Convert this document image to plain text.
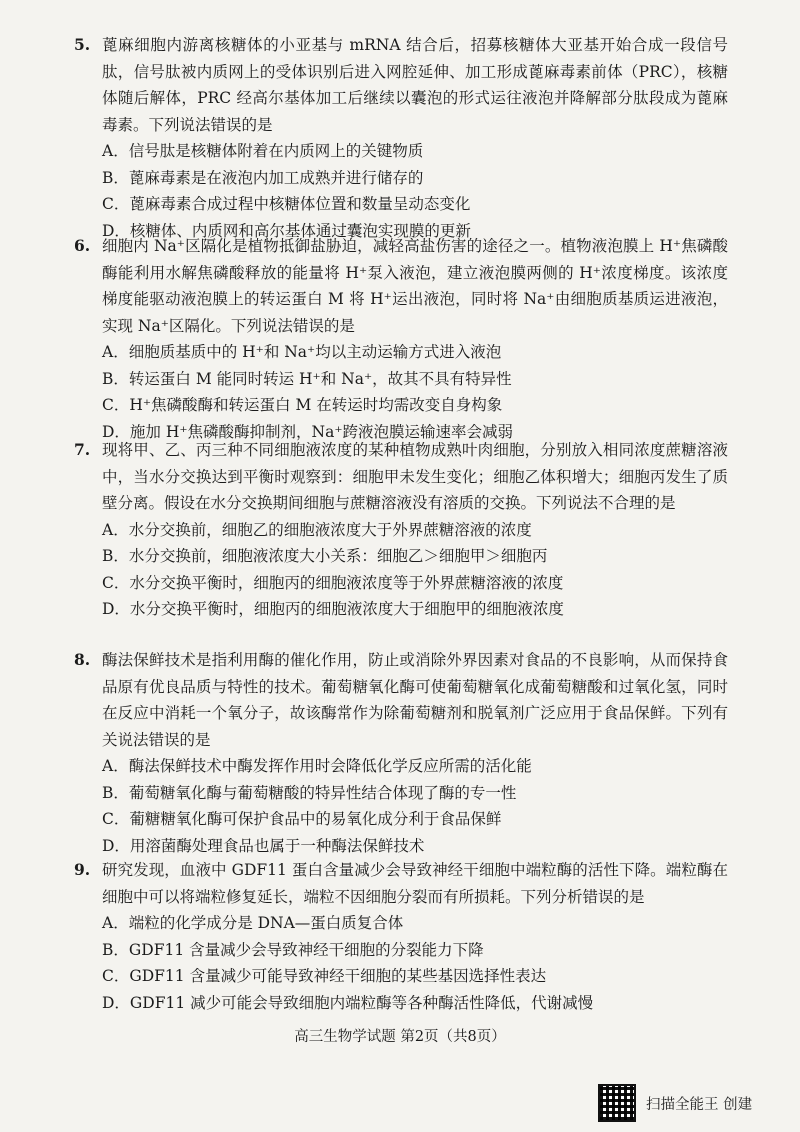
5. 蓖麻细胞内游离核糖体的小亚基与 mRNA 结合后，招募核糖体大亚基开始合成一段信号肽，信号肽被内质网上的受体识别后进入网腔延伸、加工形成蓖麻毒素前体（PRC），核糖体随后解体，PRC 经高尔基体加工后继续以囊泡的形式运往液泡并降解部分肽段成为蓖麻毒素。下列说法错误的是
A．信号肽是核糖体附着在内质网上的关键物质
B．蓖麻毒素是在液泡内加工成熟并进行储存的
C．蓖麻毒素合成过程中核糖体位置和数量呈动态变化
D．核糖体、内质网和高尔基体通过囊泡实现膜的更新
6. 细胞内 Na⁺区隔化是植物抵御盐胁迫，减轻高盐伤害的途径之一。植物液泡膜上 H⁺焦磷酸酶能利用水解焦磷酸释放的能量将 H⁺泵入液泡，建立液泡膜两侧的 H⁺浓度梯度。该浓度梯度能驱动液泡膜上的转运蛋白 M 将 H⁺运出液泡，同时将 Na⁺由细胞质基质运进液泡，实现 Na⁺区隔化。下列说法错误的是
A．细胞质基质中的 H⁺和 Na⁺均以主动运输方式进入液泡
B．转运蛋白 M 能同时转运 H⁺和 Na⁺，故其不具有特异性
C．H⁺焦磷酸酶和转运蛋白 M 在转运时均需改变自身构象
D．施加 H⁺焦磷酸酶抑制剂，Na⁺跨液泡膜运输速率会减弱
7. 现将甲、乙、丙三种不同细胞液浓度的某种植物成熟叶肉细胞，分别放入相同浓度蔗糖溶液中，当水分交换达到平衡时观察到：细胞甲未发生变化；细胞乙体积增大；细胞丙发生了质壁分离。假设在水分交换期间细胞与蔗糖溶液没有溶质的交换。下列说法不合理的是
A．水分交换前，细胞乙的细胞液浓度大于外界蔗糖溶液的浓度
B．水分交换前，细胞液浓度大小关系：细胞乙＞细胞甲＞细胞丙
C．水分交换平衡时，细胞丙的细胞液浓度等于外界蔗糖溶液的浓度
D．水分交换平衡时，细胞丙的细胞液浓度大于细胞甲的细胞液浓度
8. 酶法保鲜技术是指利用酶的催化作用，防止或消除外界因素对食品的不良影响，从而保持食品原有优良品质与特性的技术。葡萄糖氧化酶可使葡萄糖氧化成葡萄糖酸和过氧化氢，同时在反应中消耗一个氧分子，故该酶常作为除葡萄糖剂和脱氧剂广泛应用于食品保鲜。下列有关说法错误的是
A．酶法保鲜技术中酶发挥作用时会降低化学反应所需的活化能
B．葡萄糖氧化酶与葡萄糖酸的特异性结合体现了酶的专一性
C．葡糖糖氧化酶可保护食品中的易氧化成分利于食品保鲜
D．用溶菌酶处理食品也属于一种酶法保鲜技术
9. 研究发现，血液中 GDF11 蛋白含量减少会导致神经干细胞中端粒酶的活性下降。端粒酶在细胞中可以将端粒修复延长，端粒不因细胞分裂而有所损耗。下列分析错误的是
A．端粒的化学成分是 DNA—蛋白质复合体
B．GDF11 含量减少会导致神经干细胞的分裂能力下降
C．GDF11 含量减少可能导致神经干细胞的某些基因选择性表达
D．GDF11 减少可能会导致细胞内端粒酶等各种酶活性降低，代谢减慢
高三生物学试题 第2页（共8页）
扫描全能王 创建
